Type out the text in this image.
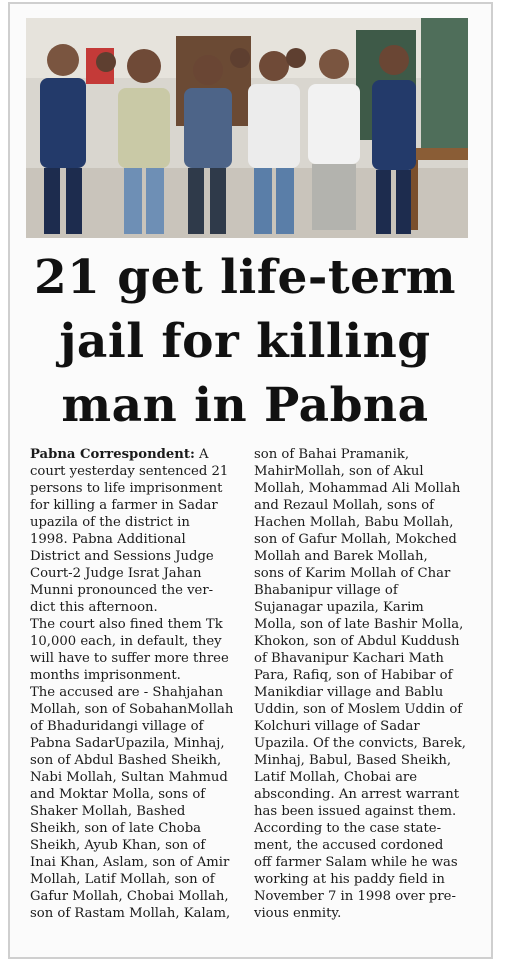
21 get life-term
jail for killing
man in Pabna

Pabna Correspondent: A

court yesterday sentenced 21

persons to life imprisonment

for killing a farmer in Sadar

upazila of the district in

1998. Pabna Additional

District and Sessions Judge

Court-2 Judge Israt Jahan

Munni pronounced the ver-

dict this afternoon.

The court also fined them Tk

10,000 each, in default, they

will have to suffer more three

months imprisonment.

The accused are - Shahjahan

Mollah, son of SobahanMollah

of Bhaduridangi village of

Pabna SadarUpazila, Minhaj,

son of Abdul Bashed Sheikh,

Nabi Mollah, Sultan Mahmud

and Moktar Molla, sons of

Shaker Mollah, Bashed

Sheikh, son of late Choba

Sheikh, Ayub Khan, son of

Inai Khan, Aslam, son of Amir

Mollah, Latif Mollah, son of

Gafur Mollah, Chobai Mollah,

son of Rastam Mollah, Kalam,

son of Bahai Pramanik,

MahirMollah, son of Akul

Mollah, Mohammad Ali Mollah

and Rezaul Mollah, sons of

Hachen Mollah, Babu Mollah,

son of Gafur Mollah, Mokched

Mollah and Barek Mollah,

sons of Karim Mollah of Char

Bhabanipur village of

Sujanagar upazila, Karim

Molla, son of late Bashir Molla,

Khokon, son of Abdul Kuddush

of Bhavanipur Kachari Math

Para, Rafiq, son of Habibar of

Manikdiar village and Bablu

Uddin, son of Moslem Uddin of

Kolchuri village of Sadar

Upazila. Of the convicts, Barek,

Minhaj, Babul, Based Sheikh,

Latif Mollah, Chobai are

absconding. An arrest warrant

has been issued against them.

According to the case state-

ment, the accused cordoned

off farmer Salam while he was

working at his paddy field in

November 7 in 1998 over pre-

vious enmity.
